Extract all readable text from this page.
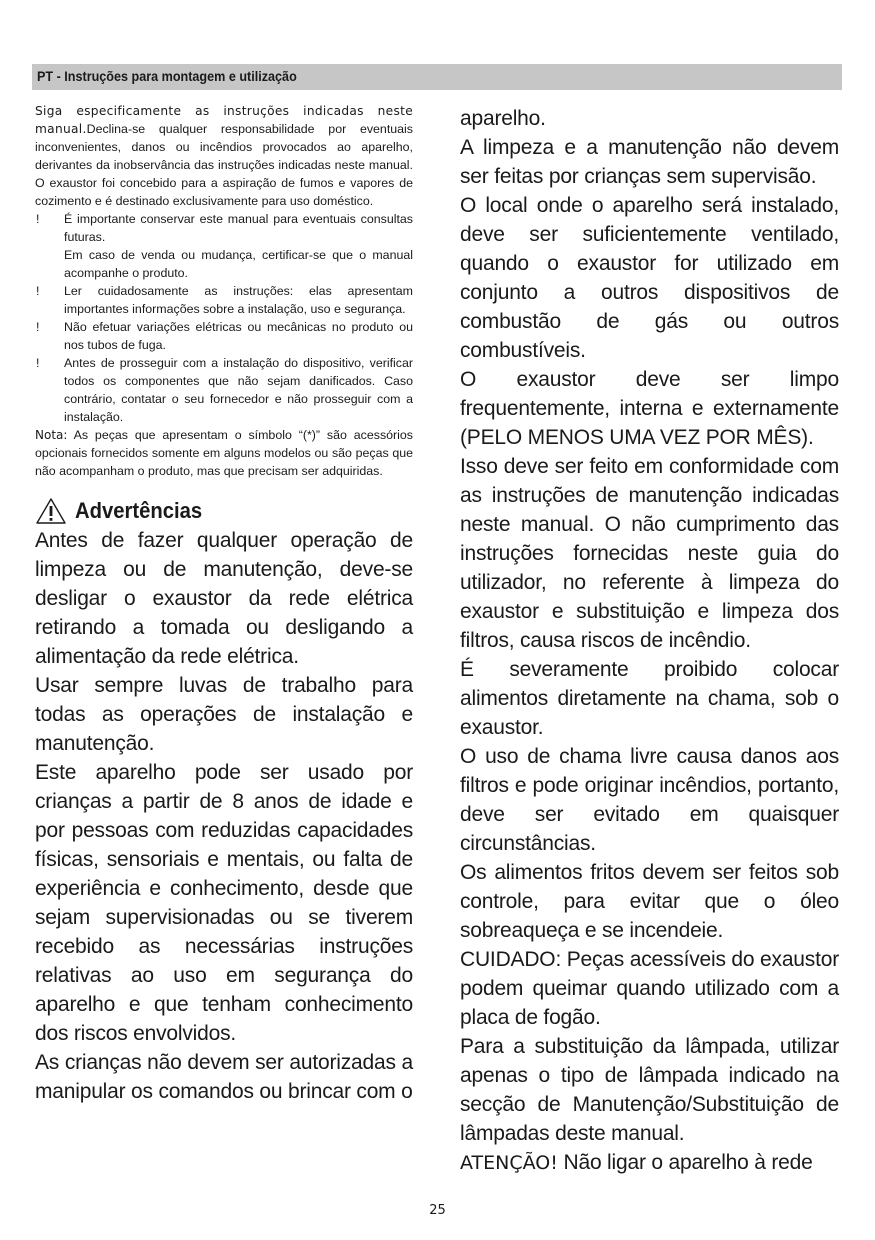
PT - Instruções para montagem e utilização

Siga especificamente as instruções indicadas neste manual.Declina-se qualquer responsabilidade por eventuais inconvenientes, danos ou incêndios provocados ao aparelho, derivantes da inobservância das instruções indicadas neste manual. O exaustor foi concebido para a aspiração de fumos e vapores de cozimento e é destinado exclusivamente para uso doméstico.

! É importante conservar este manual para eventuais consultas futuras.

Em caso de venda ou mudança, certificar-se que o manual acompanhe o produto.

! Ler cuidadosamente as instruções: elas apresentam importantes informações sobre a instalação, uso e segurança.

! Não efetuar variações elétricas ou mecânicas no produto ou nos tubos de fuga.

! Antes de prosseguir com a instalação do dispositivo, verificar todos os componentes que não sejam danificados. Caso contrário, contatar o seu fornecedor e não prosseguir com a instalação.

Nota: As peças que apresentam o símbolo “(*)” são acessórios opcionais fornecidos somente em alguns modelos ou são peças que não acompanham o produto, mas que precisam ser adquiridas.

Advertências

Antes de fazer qualquer operação de limpeza ou de manutenção, deve-se desligar o exaustor da rede elétrica retirando a tomada ou desligando a alimentação da rede elétrica.

Usar sempre luvas de trabalho para todas as operações de instalação e manutenção.

Este aparelho pode ser usado por crianças a partir de 8 anos de idade e por pessoas com reduzidas capacidades físicas, sensoriais e mentais, ou falta de experiência e conhecimento, desde que sejam supervisionadas ou se tiverem recebido as necessárias instruções relativas ao uso em segurança do aparelho e que tenham conhecimento dos riscos envolvidos.

As crianças não devem ser autorizadas a manipular os comandos ou brincar com o

aparelho.

A limpeza e a manutenção não devem ser feitas por crianças sem supervisão.

O local onde o aparelho será instalado, deve ser suficientemente ventilado, quando o exaustor for utilizado em conjunto a outros dispositivos de combustão de gás ou outros combustíveis.

O exaustor deve ser limpo frequentemente, interna e externamente (PELO MENOS UMA VEZ POR MÊS).

Isso deve ser feito em conformidade com as instruções de manutenção indicadas neste manual. O não cumprimento das instruções fornecidas neste guia do utilizador, no referente à limpeza do exaustor e substituição e limpeza dos filtros, causa riscos de incêndio.

É severamente proibido colocar alimentos diretamente na chama, sob o exaustor.

O uso de chama livre causa danos aos filtros e pode originar incêndios, portanto, deve ser evitado em quaisquer circunstâncias.

Os alimentos fritos devem ser feitos sob controle, para evitar que o óleo sobreaqueça e se incendeie.

CUIDADO: Peças acessíveis do exaustor podem queimar quando utilizado com a placa de fogão.

Para a substituição da lâmpada, utilizar apenas o tipo de lâmpada indicado na secção de Manutenção/Substituição de lâmpadas deste manual.

ATENÇÃO! Não ligar o aparelho à rede

25
